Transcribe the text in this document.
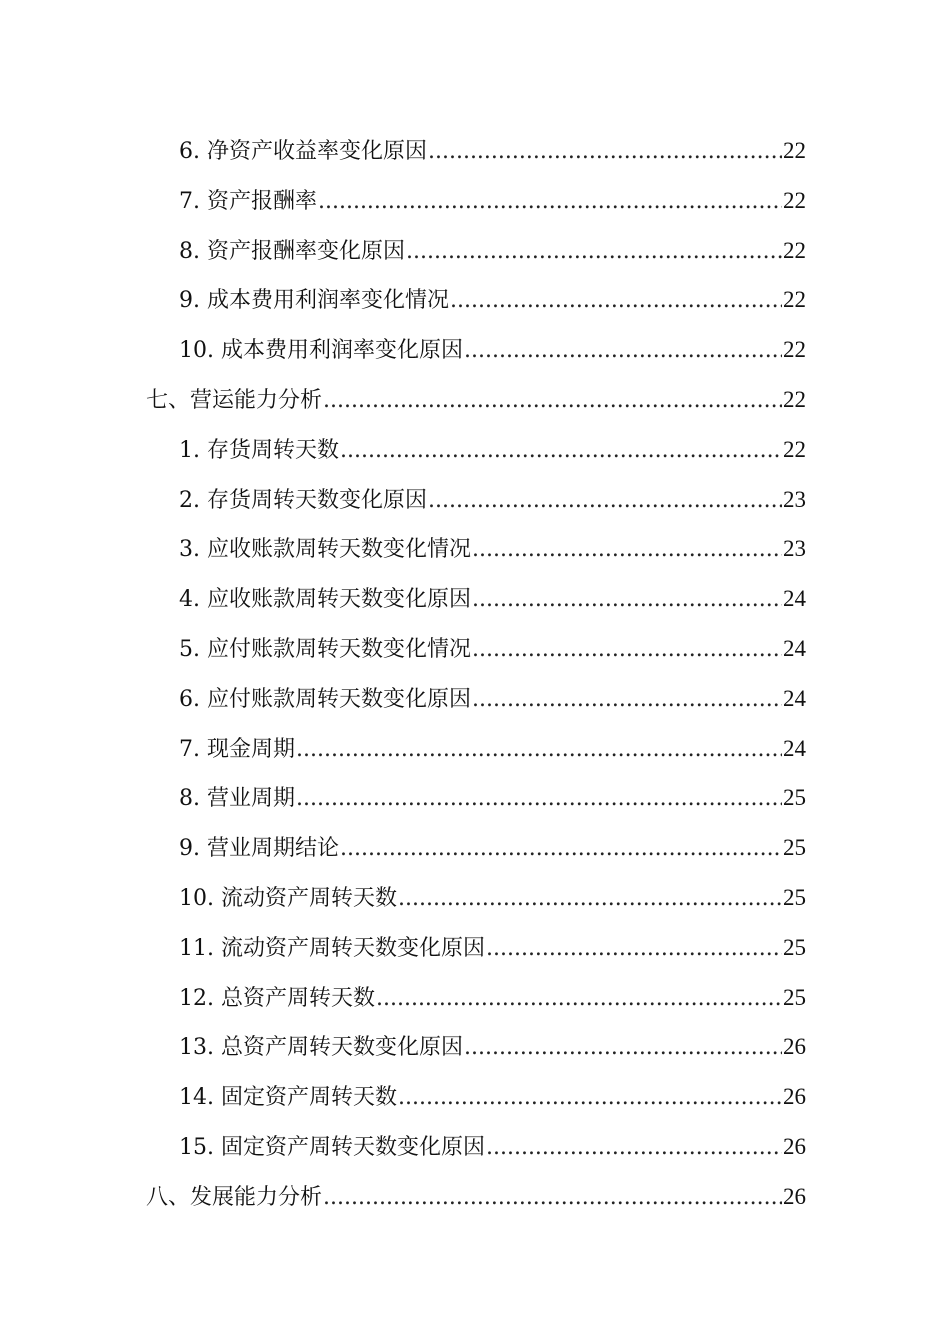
6. 净资产收益率变化原因 .....	22
7. 资产报酬率 .....	22
8. 资产报酬率变化原因 .....	22
9. 成本费用利润率变化情况 .....	22
10. 成本费用利润率变化原因 .....	22
七、营运能力分析 .....	22
1. 存货周转天数 .....	22
2. 存货周转天数变化原因 .....	23
3. 应收账款周转天数变化情况 .....	23
4. 应收账款周转天数变化原因 .....	24
5. 应付账款周转天数变化情况 .....	24
6. 应付账款周转天数变化原因 .....	24
7. 现金周期 .....	24
8. 营业周期 .....	25
9. 营业周期结论 .....	25
10. 流动资产周转天数 .....	25
11. 流动资产周转天数变化原因 .....	25
12. 总资产周转天数 .....	25
13. 总资产周转天数变化原因 .....	26
14. 固定资产周转天数 .....	26
15. 固定资产周转天数变化原因 .....	26
八、发展能力分析 .....	26
